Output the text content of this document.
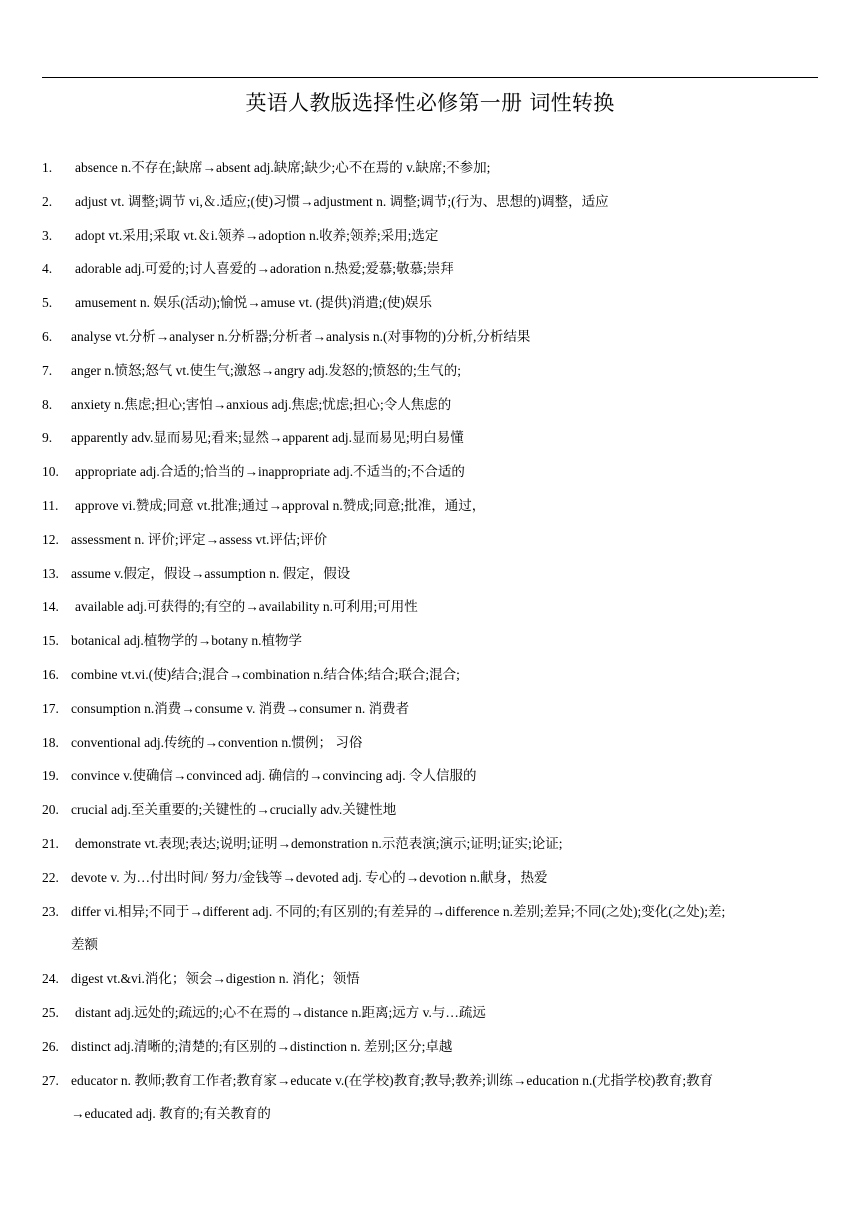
英语人教版选择性必修第一册 词性转换
1.	absence n.不存在;缺席→absent adj.缺席;缺少;心不在焉的 v.缺席;不参加;
2.	adjust vt. 调整;调节 vi,＆.适应;(使)习惯→adjustment n. 调整;调节;(行为、思想的)调整，适应
3.	adopt vt.采用;采取 vt.＆i.领养→adoption n.收养;领养;采用;选定
4.	adorable adj.可爱的;讨人喜爱的→adoration n.热爱;爱慕;敬慕;崇拜
5.	amusement n. 娱乐(活动);愉悦→amuse vt. (提供)消遣;(使)娱乐
6.	analyse vt.分析→analyser n.分析器;分析者→analysis n.(对事物的)分析,分析结果
7.	anger n.愤怒;怒气 vt.使生气;激怒→angry adj.发怒的;愤怒的;生气的;
8.	anxiety n.焦虑;担心;害怕→anxious adj.焦虑;忧虑;担心;令人焦虑的
9.	apparently adv.显而易见;看来;显然→apparent adj.显而易见;明白易懂
10.	appropriate adj.合适的;恰当的→inappropriate adj.不适当的;不合适的
11.	approve vi.赞成;同意 vt.批准;通过→approval n.赞成;同意;批准，通过，
12. assessment n. 评价;评定→assess vt.评估;评价
13. assume v.假定，假设→assumption n. 假定，假设
14.	available adj.可获得的;有空的→availability n.可利用;可用性
15. botanical adj.植物学的→botany n.植物学
16. combine vt.vi.(使)结合;混合→combination n.结合体;结合;联合;混合;
17. consumption n.消费→consume v. 消费→consumer n. 消费者
18. conventional adj.传统的→convention n.惯例； 习俗
19. convince v.使确信→convinced adj. 确信的→convincing adj. 令人信服的
20. crucial adj.至关重要的;关键性的→crucially adv.关键性地
21.	demonstrate vt.表现;表达;说明;证明→demonstration n.示范表演;演示;证明;证实;论证;
22. devote v. 为…付出时间/ 努力/金钱等→devoted adj. 专心的→devotion n.献身，热爱
23. differ vi.相异;不同于→different adj. 不同的;有区别的;有差异的→difference n.差别;差异;不同(之处);变化(之处);差;
差额
24. digest vt.&vi.消化；领会→digestion n. 消化；领悟
25.	distant adj.远处的;疏远的;心不在焉的→distance n.距离;远方 v.与…疏远
26. distinct adj.清晰的;清楚的;有区别的→distinction n. 差别;区分;卓越
27. educator n. 教师;教育工作者;教育家→educate v.(在学校)教育;教导;教养;训练→education n.(尤指学校)教育;教育
→educated adj. 教育的;有关教育的
